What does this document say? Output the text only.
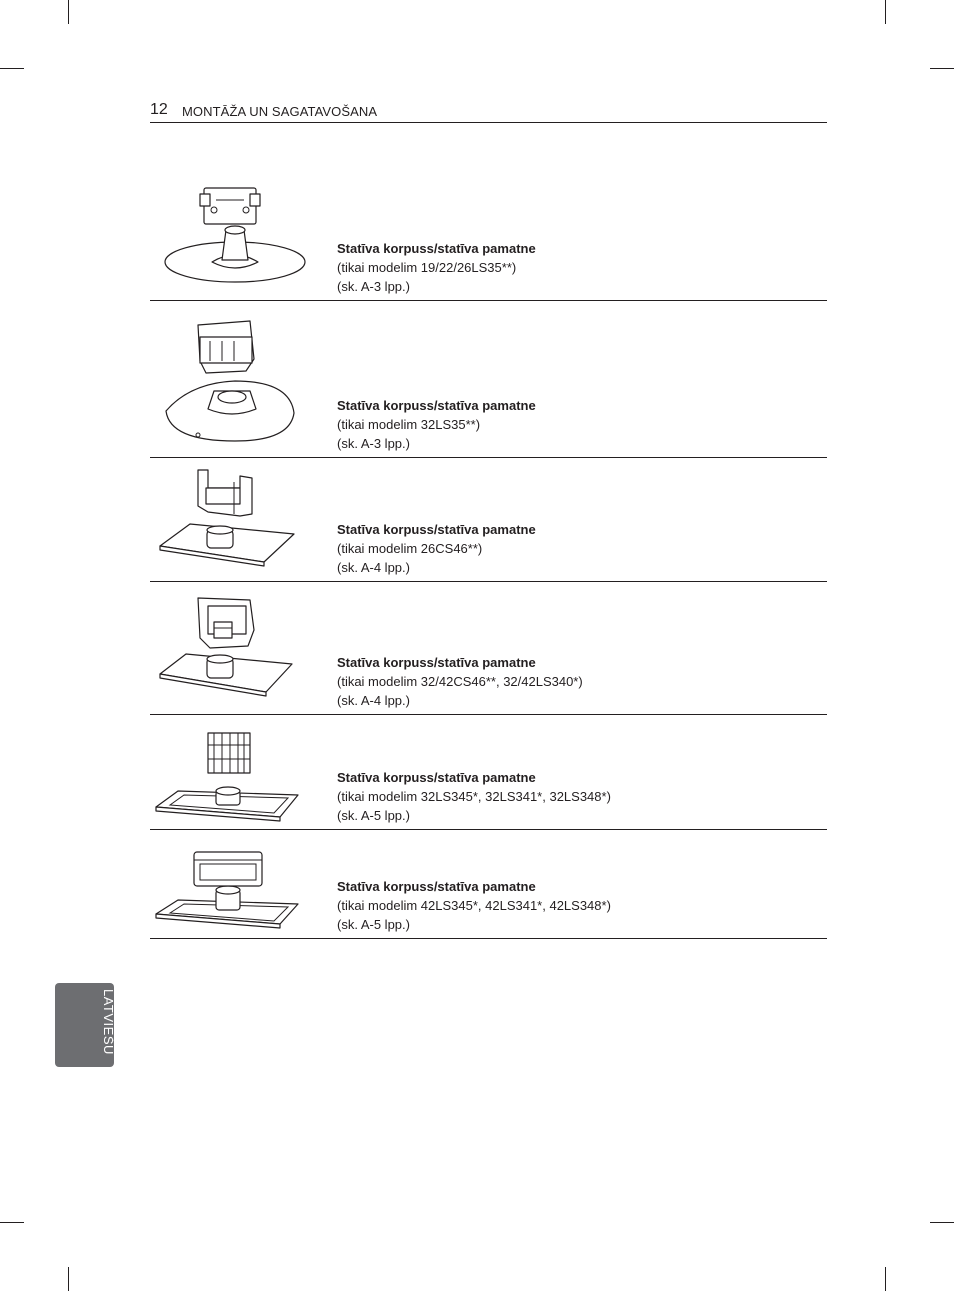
12 MONTĀŽA UN SAGATAVOŠANA
Statīva korpuss/statīva pamatne
(tikai modelim 19/22/26LS35**)
(sk. A-3 lpp.)
Statīva korpuss/statīva pamatne
(tikai modelim 32LS35**)
(sk. A-3 lpp.)
Statīva korpuss/statīva pamatne
(tikai modelim 26CS46**)
(sk. A-4 lpp.)
Statīva korpuss/statīva pamatne
(tikai modelim 32/42CS46**, 32/42LS340*)
(sk. A-4 lpp.)
Statīva korpuss/statīva pamatne
(tikai modelim 32LS345*, 32LS341*, 32LS348*)
(sk. A-5 lpp.)
Statīva korpuss/statīva pamatne
(tikai modelim 42LS345*, 42LS341*, 42LS348*)
(sk. A-5 lpp.)
LATVIEŠU
